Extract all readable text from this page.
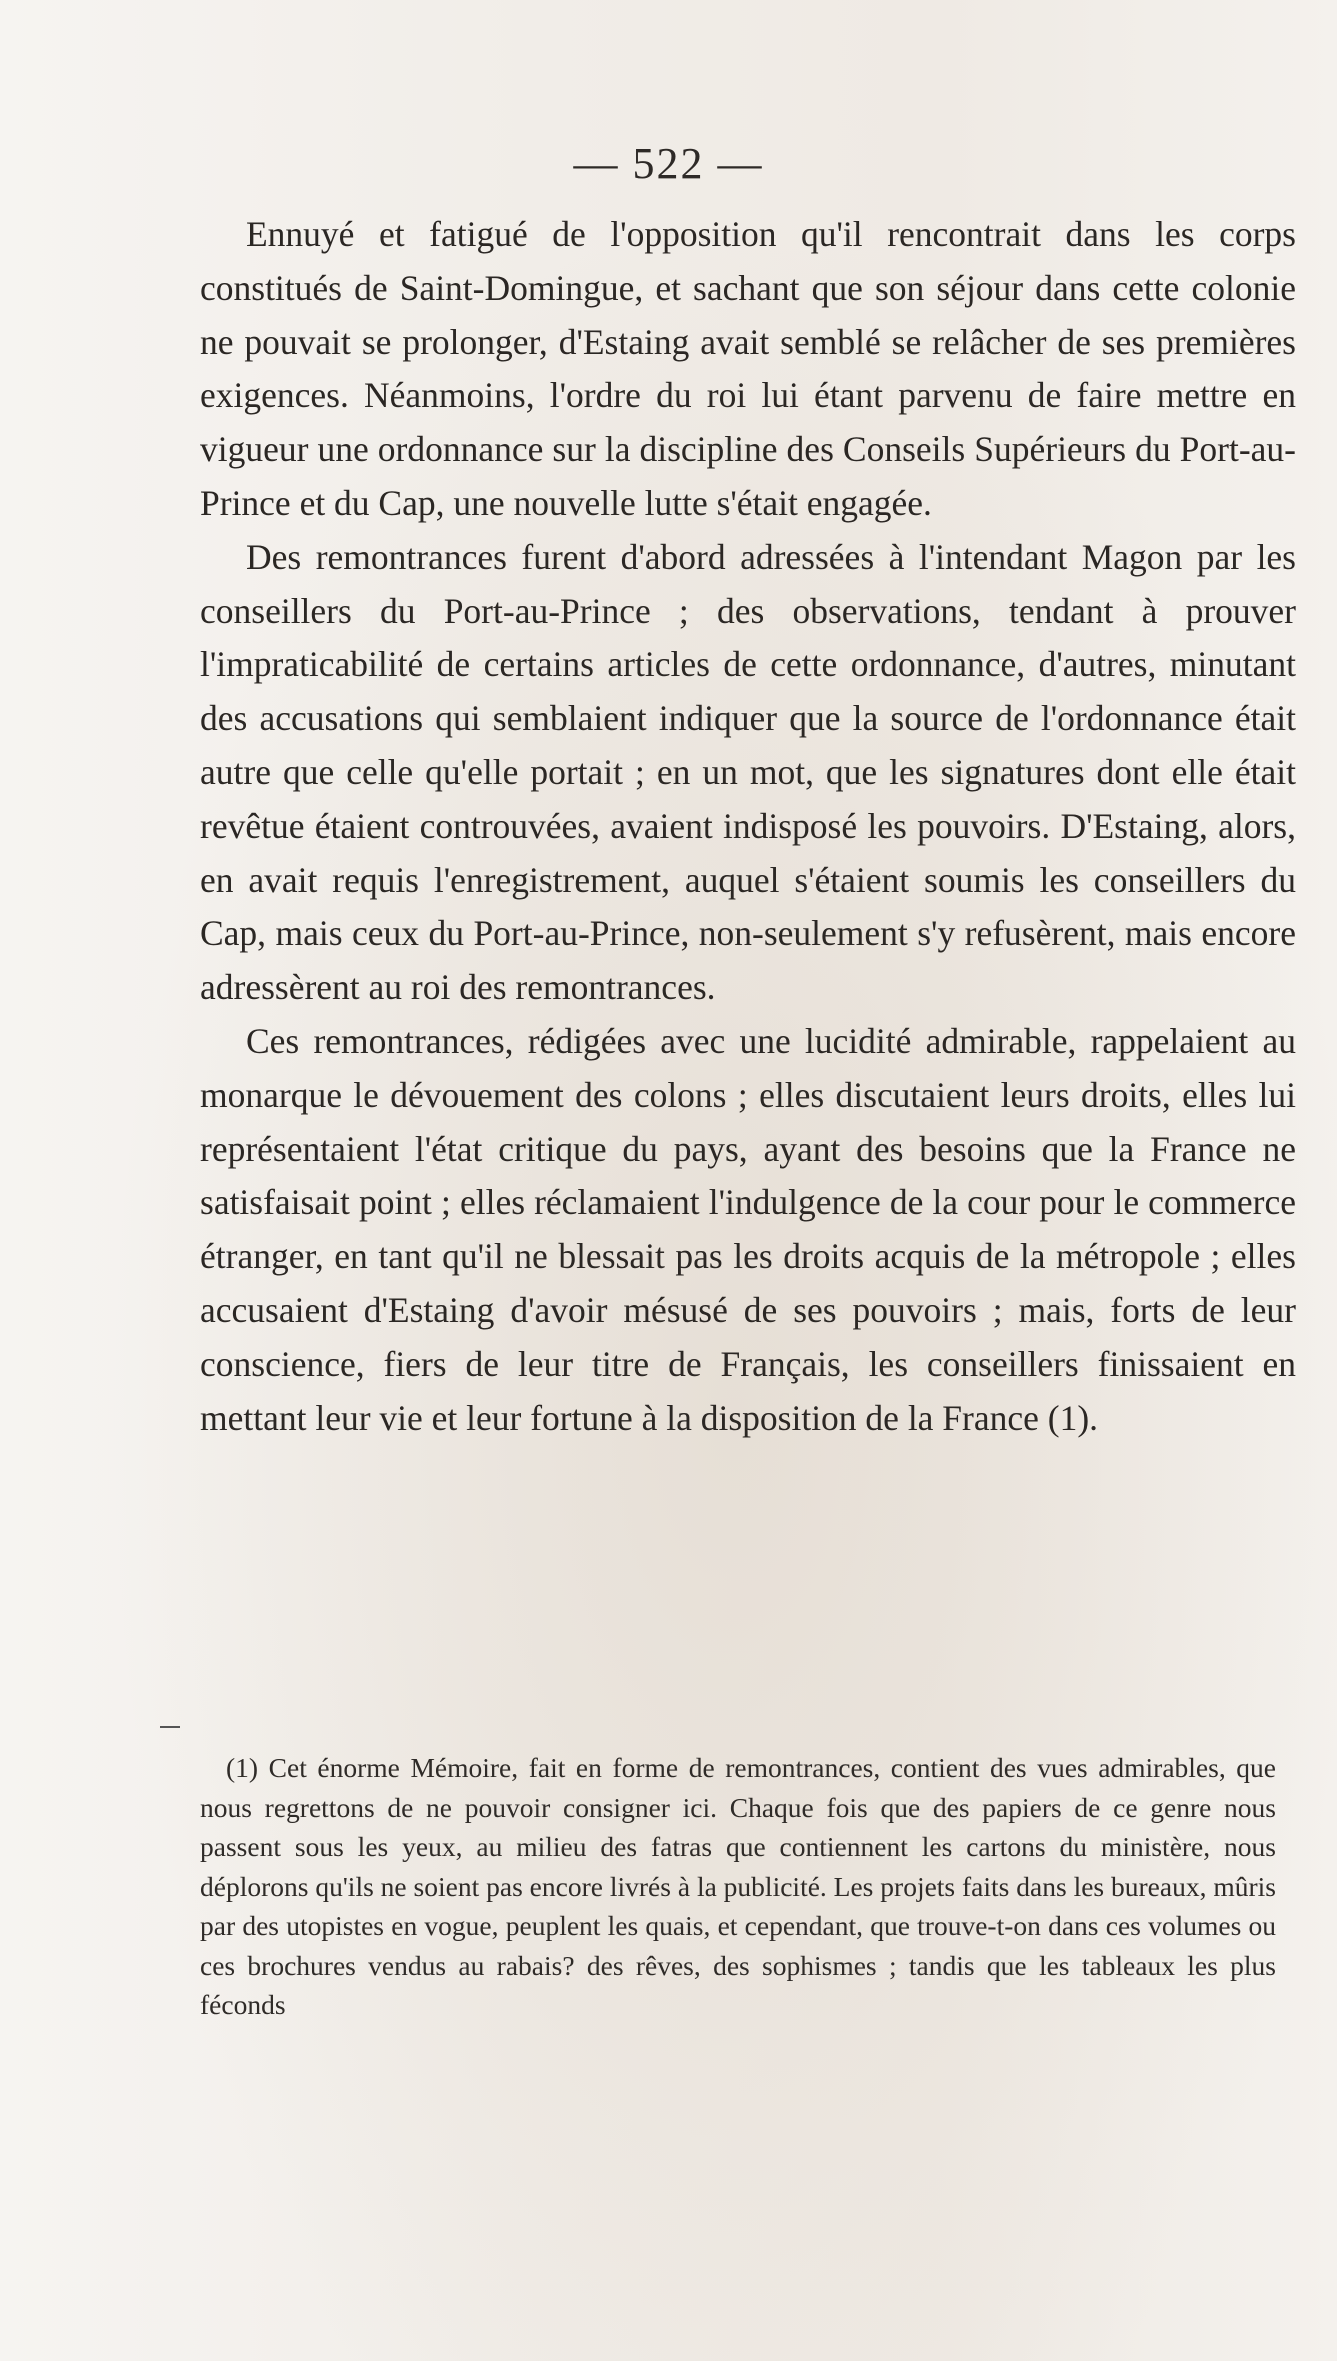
— 522 —

Ennuyé et fatigué de l'opposition qu'il rencontrait dans les corps constitués de Saint-Domingue, et sachant que son séjour dans cette colonie ne pouvait se prolonger, d'Estaing avait semblé se relâcher de ses premières exigences. Néanmoins, l'ordre du roi lui étant parvenu de faire mettre en vigueur une ordonnance sur la discipline des Conseils Supérieurs du Port-au-Prince et du Cap, une nouvelle lutte s'était engagée.

Des remontrances furent d'abord adressées à l'intendant Magon par les conseillers du Port-au-Prince ; des observations, tendant à prouver l'impraticabilité de certains articles de cette ordonnance, d'autres, minutant des accusations qui semblaient indiquer que la source de l'ordonnance était autre que celle qu'elle portait ; en un mot, que les signatures dont elle était revêtue étaient controuvées, avaient indisposé les pouvoirs. D'Estaing, alors, en avait requis l'enregistrement, auquel s'étaient soumis les conseillers du Cap, mais ceux du Port-au-Prince, non-seulement s'y refusèrent, mais encore adressèrent au roi des remontrances.

Ces remontrances, rédigées avec une lucidité admirable, rappelaient au monarque le dévouement des colons ; elles discutaient leurs droits, elles lui représentaient l'état critique du pays, ayant des besoins que la France ne satisfaisait point ; elles réclamaient l'indulgence de la cour pour le commerce étranger, en tant qu'il ne blessait pas les droits acquis de la métropole ; elles accusaient d'Estaing d'avoir mésusé de ses pouvoirs ; mais, forts de leur conscience, fiers de leur titre de Français, les conseillers finissaient en mettant leur vie et leur fortune à la disposition de la France (1).

(1) Cet énorme Mémoire, fait en forme de remontrances, contient des vues admirables, que nous regrettons de ne pouvoir consigner ici. Chaque fois que des papiers de ce genre nous passent sous les yeux, au milieu des fatras que contiennent les cartons du ministère, nous déplorons qu'ils ne soient pas encore livrés à la publicité. Les projets faits dans les bureaux, mûris par des utopistes en vogue, peuplent les quais, et cependant, que trouve-t-on dans ces volumes ou ces brochures vendus au rabais? des rêves, des sophismes ; tandis que les tableaux les plus féconds
